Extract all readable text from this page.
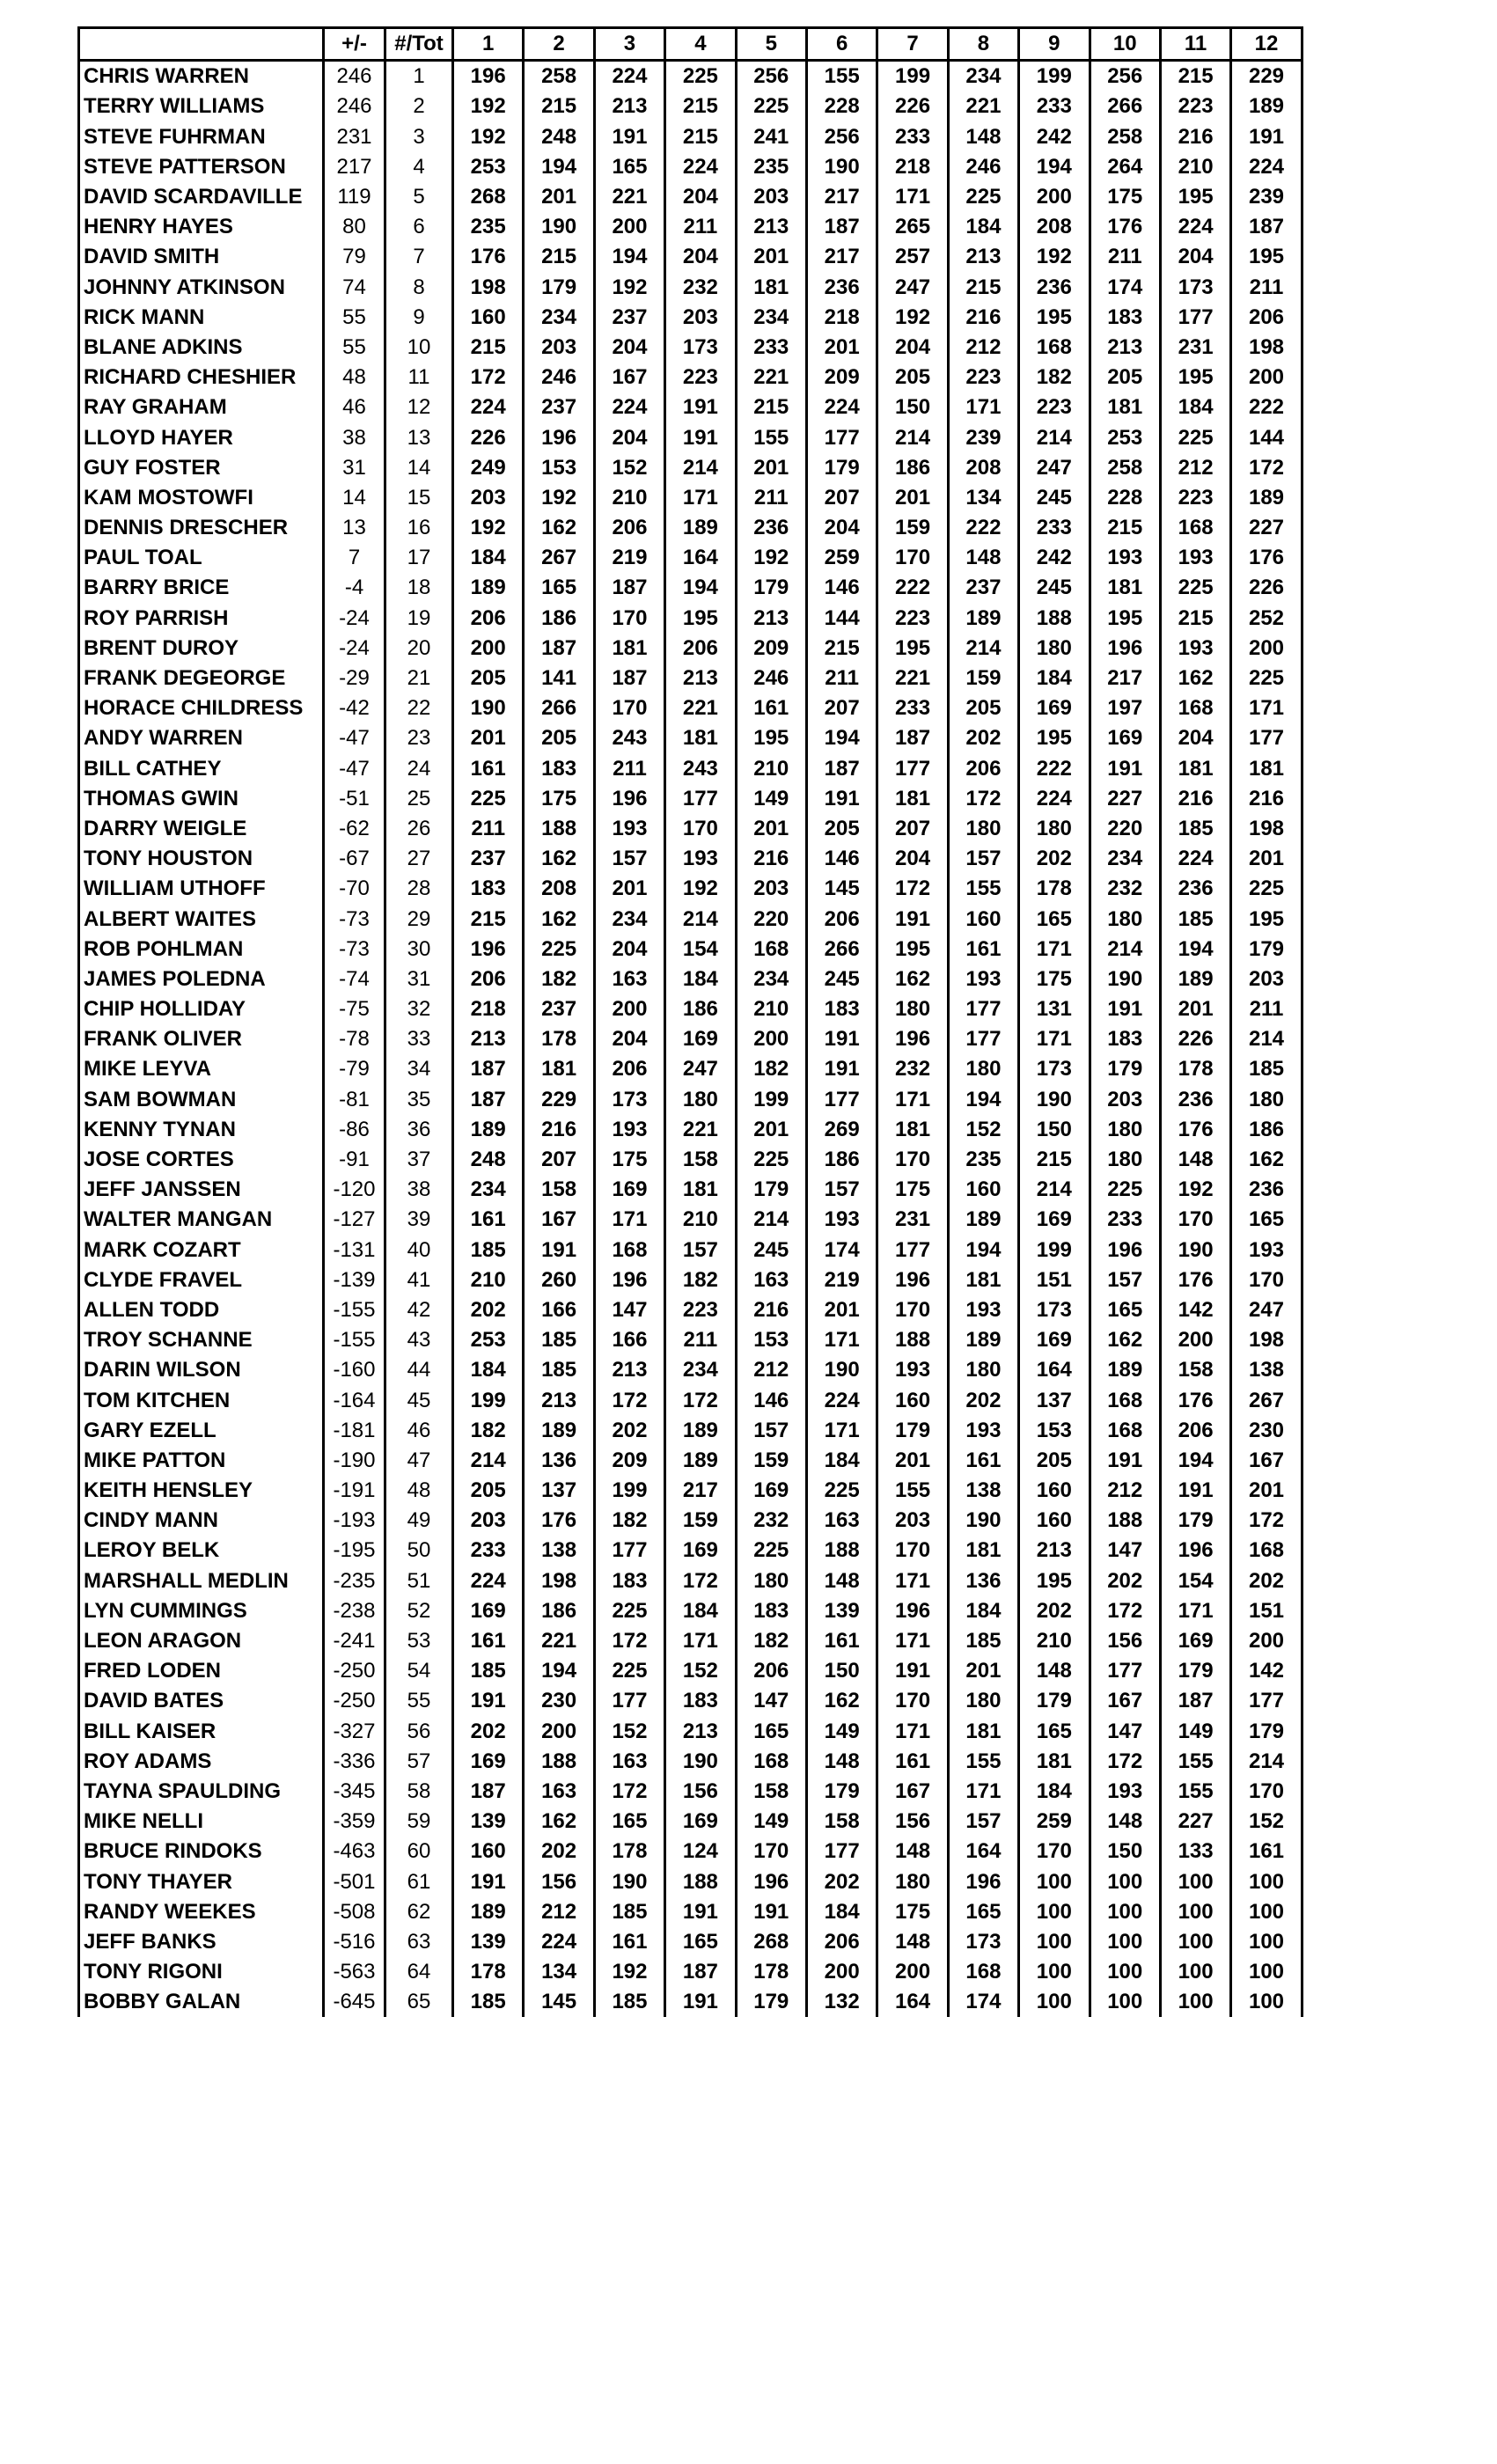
	+/-	#/Tot	1	2	3	4	5	6	7	8	9	10	11	12
CHRIS WARREN	246	1	196	258	224	225	256	155	199	234	199	256	215	229
TERRY WILLIAMS	246	2	192	215	213	215	225	228	226	221	233	266	223	189
STEVE FUHRMAN	231	3	192	248	191	215	241	256	233	148	242	258	216	191
STEVE PATTERSON	217	4	253	194	165	224	235	190	218	246	194	264	210	224
DAVID SCARDAVILLE	119	5	268	201	221	204	203	217	171	225	200	175	195	239
HENRY HAYES	80	6	235	190	200	211	213	187	265	184	208	176	224	187
DAVID SMITH	79	7	176	215	194	204	201	217	257	213	192	211	204	195
JOHNNY ATKINSON	74	8	198	179	192	232	181	236	247	215	236	174	173	211
RICK MANN	55	9	160	234	237	203	234	218	192	216	195	183	177	206
BLANE ADKINS	55	10	215	203	204	173	233	201	204	212	168	213	231	198
RICHARD CHESHIER	48	11	172	246	167	223	221	209	205	223	182	205	195	200
RAY GRAHAM	46	12	224	237	224	191	215	224	150	171	223	181	184	222
LLOYD HAYER	38	13	226	196	204	191	155	177	214	239	214	253	225	144
GUY FOSTER	31	14	249	153	152	214	201	179	186	208	247	258	212	172
KAM MOSTOWFI	14	15	203	192	210	171	211	207	201	134	245	228	223	189
DENNIS DRESCHER	13	16	192	162	206	189	236	204	159	222	233	215	168	227
PAUL TOAL	7	17	184	267	219	164	192	259	170	148	242	193	193	176
BARRY BRICE	-4	18	189	165	187	194	179	146	222	237	245	181	225	226
ROY PARRISH	-24	19	206	186	170	195	213	144	223	189	188	195	215	252
BRENT DUROY	-24	20	200	187	181	206	209	215	195	214	180	196	193	200
FRANK DEGEORGE	-29	21	205	141	187	213	246	211	221	159	184	217	162	225
HORACE CHILDRESS	-42	22	190	266	170	221	161	207	233	205	169	197	168	171
ANDY WARREN	-47	23	201	205	243	181	195	194	187	202	195	169	204	177
BILL CATHEY	-47	24	161	183	211	243	210	187	177	206	222	191	181	181
THOMAS GWIN	-51	25	225	175	196	177	149	191	181	172	224	227	216	216
DARRY WEIGLE	-62	26	211	188	193	170	201	205	207	180	180	220	185	198
TONY HOUSTON	-67	27	237	162	157	193	216	146	204	157	202	234	224	201
WILLIAM UTHOFF	-70	28	183	208	201	192	203	145	172	155	178	232	236	225
ALBERT WAITES	-73	29	215	162	234	214	220	206	191	160	165	180	185	195
ROB POHLMAN	-73	30	196	225	204	154	168	266	195	161	171	214	194	179
JAMES POLEDNA	-74	31	206	182	163	184	234	245	162	193	175	190	189	203
CHIP HOLLIDAY	-75	32	218	237	200	186	210	183	180	177	131	191	201	211
FRANK OLIVER	-78	33	213	178	204	169	200	191	196	177	171	183	226	214
MIKE LEYVA	-79	34	187	181	206	247	182	191	232	180	173	179	178	185
SAM BOWMAN	-81	35	187	229	173	180	199	177	171	194	190	203	236	180
KENNY TYNAN	-86	36	189	216	193	221	201	269	181	152	150	180	176	186
JOSE CORTES	-91	37	248	207	175	158	225	186	170	235	215	180	148	162
JEFF JANSSEN	-120	38	234	158	169	181	179	157	175	160	214	225	192	236
WALTER MANGAN	-127	39	161	167	171	210	214	193	231	189	169	233	170	165
MARK COZART	-131	40	185	191	168	157	245	174	177	194	199	196	190	193
CLYDE FRAVEL	-139	41	210	260	196	182	163	219	196	181	151	157	176	170
ALLEN TODD	-155	42	202	166	147	223	216	201	170	193	173	165	142	247
TROY SCHANNE	-155	43	253	185	166	211	153	171	188	189	169	162	200	198
DARIN WILSON	-160	44	184	185	213	234	212	190	193	180	164	189	158	138
TOM KITCHEN	-164	45	199	213	172	172	146	224	160	202	137	168	176	267
GARY EZELL	-181	46	182	189	202	189	157	171	179	193	153	168	206	230
MIKE PATTON	-190	47	214	136	209	189	159	184	201	161	205	191	194	167
KEITH HENSLEY	-191	48	205	137	199	217	169	225	155	138	160	212	191	201
CINDY MANN	-193	49	203	176	182	159	232	163	203	190	160	188	179	172
LEROY BELK	-195	50	233	138	177	169	225	188	170	181	213	147	196	168
MARSHALL MEDLIN	-235	51	224	198	183	172	180	148	171	136	195	202	154	202
LYN CUMMINGS	-238	52	169	186	225	184	183	139	196	184	202	172	171	151
LEON ARAGON	-241	53	161	221	172	171	182	161	171	185	210	156	169	200
FRED LODEN	-250	54	185	194	225	152	206	150	191	201	148	177	179	142
DAVID BATES	-250	55	191	230	177	183	147	162	170	180	179	167	187	177
BILL KAISER	-327	56	202	200	152	213	165	149	171	181	165	147	149	179
ROY ADAMS	-336	57	169	188	163	190	168	148	161	155	181	172	155	214
TAYNA SPAULDING	-345	58	187	163	172	156	158	179	167	171	184	193	155	170
MIKE NELLI	-359	59	139	162	165	169	149	158	156	157	259	148	227	152
BRUCE RINDOKS	-463	60	160	202	178	124	170	177	148	164	170	150	133	161
TONY THAYER	-501	61	191	156	190	188	196	202	180	196	100	100	100	100
RANDY WEEKES	-508	62	189	212	185	191	191	184	175	165	100	100	100	100
JEFF BANKS	-516	63	139	224	161	165	268	206	148	173	100	100	100	100
TONY RIGONI	-563	64	178	134	192	187	178	200	200	168	100	100	100	100
BOBBY GALAN	-645	65	185	145	185	191	179	132	164	174	100	100	100	100
